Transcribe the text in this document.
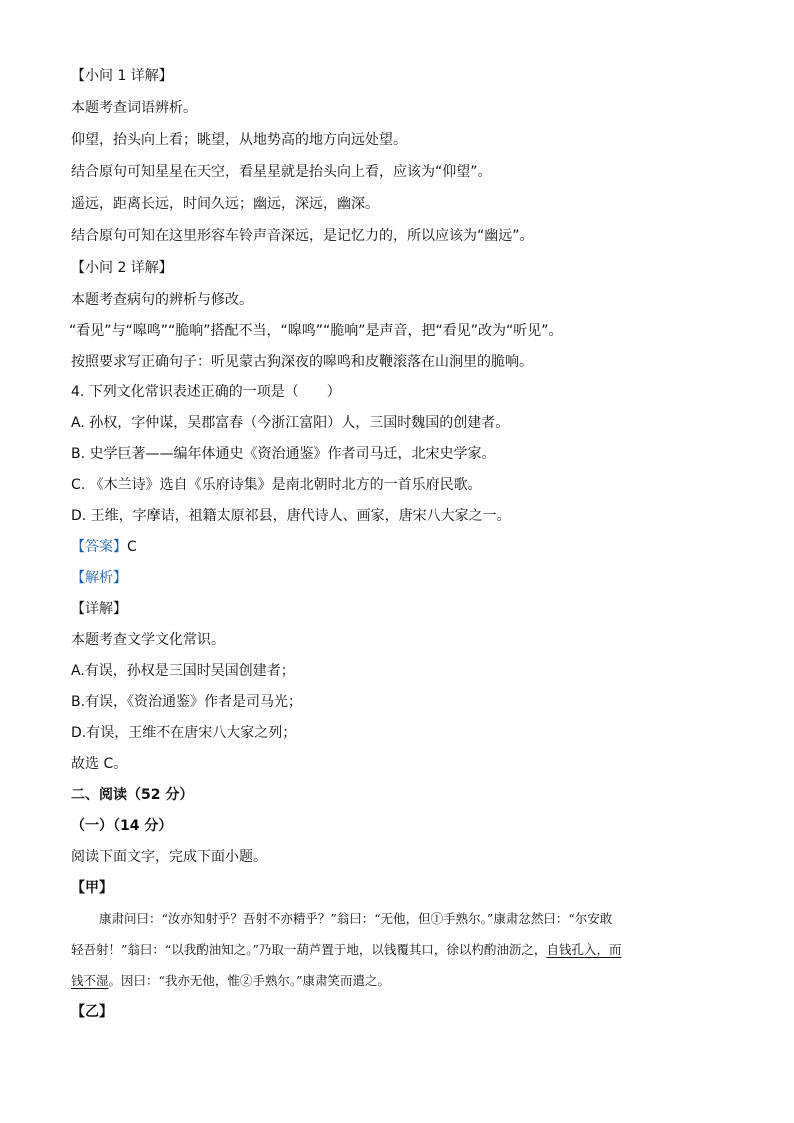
【小问 1 详解】
本题考查词语辨析。
仰望，抬头向上看；眺望，从地势高的地方向远处望。
结合原句可知星星在天空，看星星就是抬头向上看，应该为“仰望”。
遥远，距离长远，时间久远；幽远，深远，幽深。
结合原句可知在这里形容车铃声音深远，是记忆力的，所以应该为“幽远”。
【小问 2 详解】
本题考查病句的辨析与修改。
“看见”与“嗥鸣”“脆响”搭配不当，“嗥鸣”“脆响”是声音，把“看见”改为“听见”。
按照要求写正确句子：听见蒙古狗深夜的嗥鸣和皮鞭滚落在山涧里的脆响。
4. 下列文化常识表述正确的一项是（　　）
A. 孙权，字仲谋，吴郡富春（今浙江富阳）人，三国时魏国的创建者。
B. 史学巨著——编年体通史《资治通鉴》作者司马迁，北宋史学家。
C. 《木兰诗》选自《乐府诗集》是南北朝时北方的一首乐府民歌。
D. 王维，字摩诘，祖籍太原祁县，唐代诗人、画家，唐宋八大家之一。
【答案】C
【解析】
【详解】
本题考查文学文化常识。
A.有误，孙权是三国时吴国创建者；
B.有误，《资治通鉴》作者是司马光；
D.有误，王维不在唐宋八大家之列；
故选 C。
二、阅读（52 分）
（一）（14 分）
阅读下面文字，完成下面小题。
【甲】
康肃问曰：“汝亦知射乎？吾射不亦精乎？”翁曰：“无他，但①手熟尔。”康肃忿然曰：“尔安敢
轻吾射！”翁曰：“以我酌油知之。”乃取一葫芦置于地，以钱覆其口，徐以杓酌油沥之，自钱孔入，而
钱不湿。因曰：“我亦无他，惟②手熟尔。”康肃笑而遣之。
【乙】
